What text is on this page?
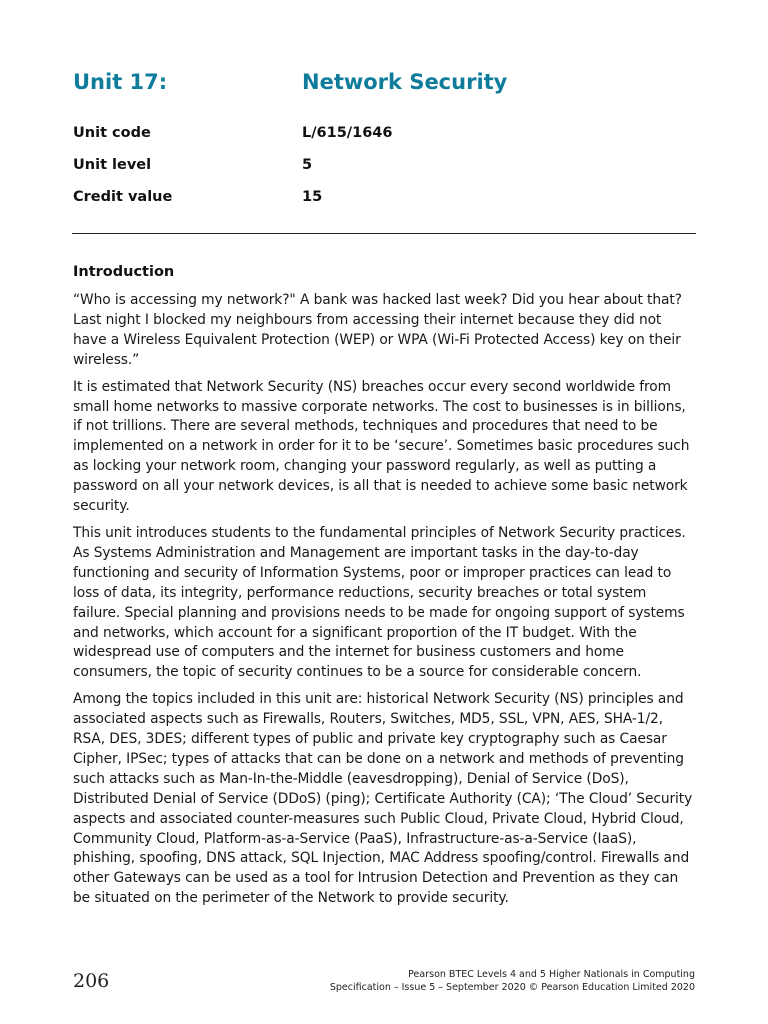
Unit 17:	Network Security
Unit code	L/615/1646
Unit level	5
Credit value	15
Introduction

“Who is accessing my network?" A bank was hacked last week? Did you hear about that? Last night I blocked my neighbours from accessing their internet because they did not have a Wireless Equivalent Protection (WEP) or WPA (Wi-Fi Protected Access) key on their wireless.”

It is estimated that Network Security (NS) breaches occur every second worldwide from small home networks to massive corporate networks. The cost to businesses is in billions, if not trillions. There are several methods, techniques and procedures that need to be implemented on a network in order for it to be ‘secure’. Sometimes basic procedures such as locking your network room, changing your password regularly, as well as putting a password on all your network devices, is all that is needed to achieve some basic network security.

This unit introduces students to the fundamental principles of Network Security practices. As Systems Administration and Management are important tasks in the day-to-day functioning and security of Information Systems, poor or improper practices can lead to loss of data, its integrity, performance reductions, security breaches or total system failure. Special planning and provisions needs to be made for ongoing support of systems and networks, which account for a significant proportion of the IT budget. With the widespread use of computers and the internet for business customers and home consumers, the topic of security continues to be a source for considerable concern.

Among the topics included in this unit are: historical Network Security (NS) principles and associated aspects such as Firewalls, Routers, Switches, MD5, SSL, VPN, AES, SHA-1/2, RSA, DES, 3DES; different types of public and private key cryptography such as Caesar Cipher, IPSec; types of attacks that can be done on a network and methods of preventing such attacks such as Man-In-the-Middle (eavesdropping), Denial of Service (DoS), Distributed Denial of Service (DDoS) (ping); Certificate Authority (CA); ‘The Cloud’ Security aspects and associated counter-measures such Public Cloud, Private Cloud, Hybrid Cloud, Community Cloud, Platform-as-a-Service (PaaS), Infrastructure-as-a-Service (IaaS), phishing, spoofing, DNS attack, SQL Injection, MAC Address spoofing/control. Firewalls and other Gateways can be used as a tool for Intrusion Detection and Prevention as they can be situated on the perimeter of the Network to provide security.

206	Pearson BTEC Levels 4 and 5 Higher Nationals in Computing
Specification – Issue 5 – September 2020 © Pearson Education Limited 2020
